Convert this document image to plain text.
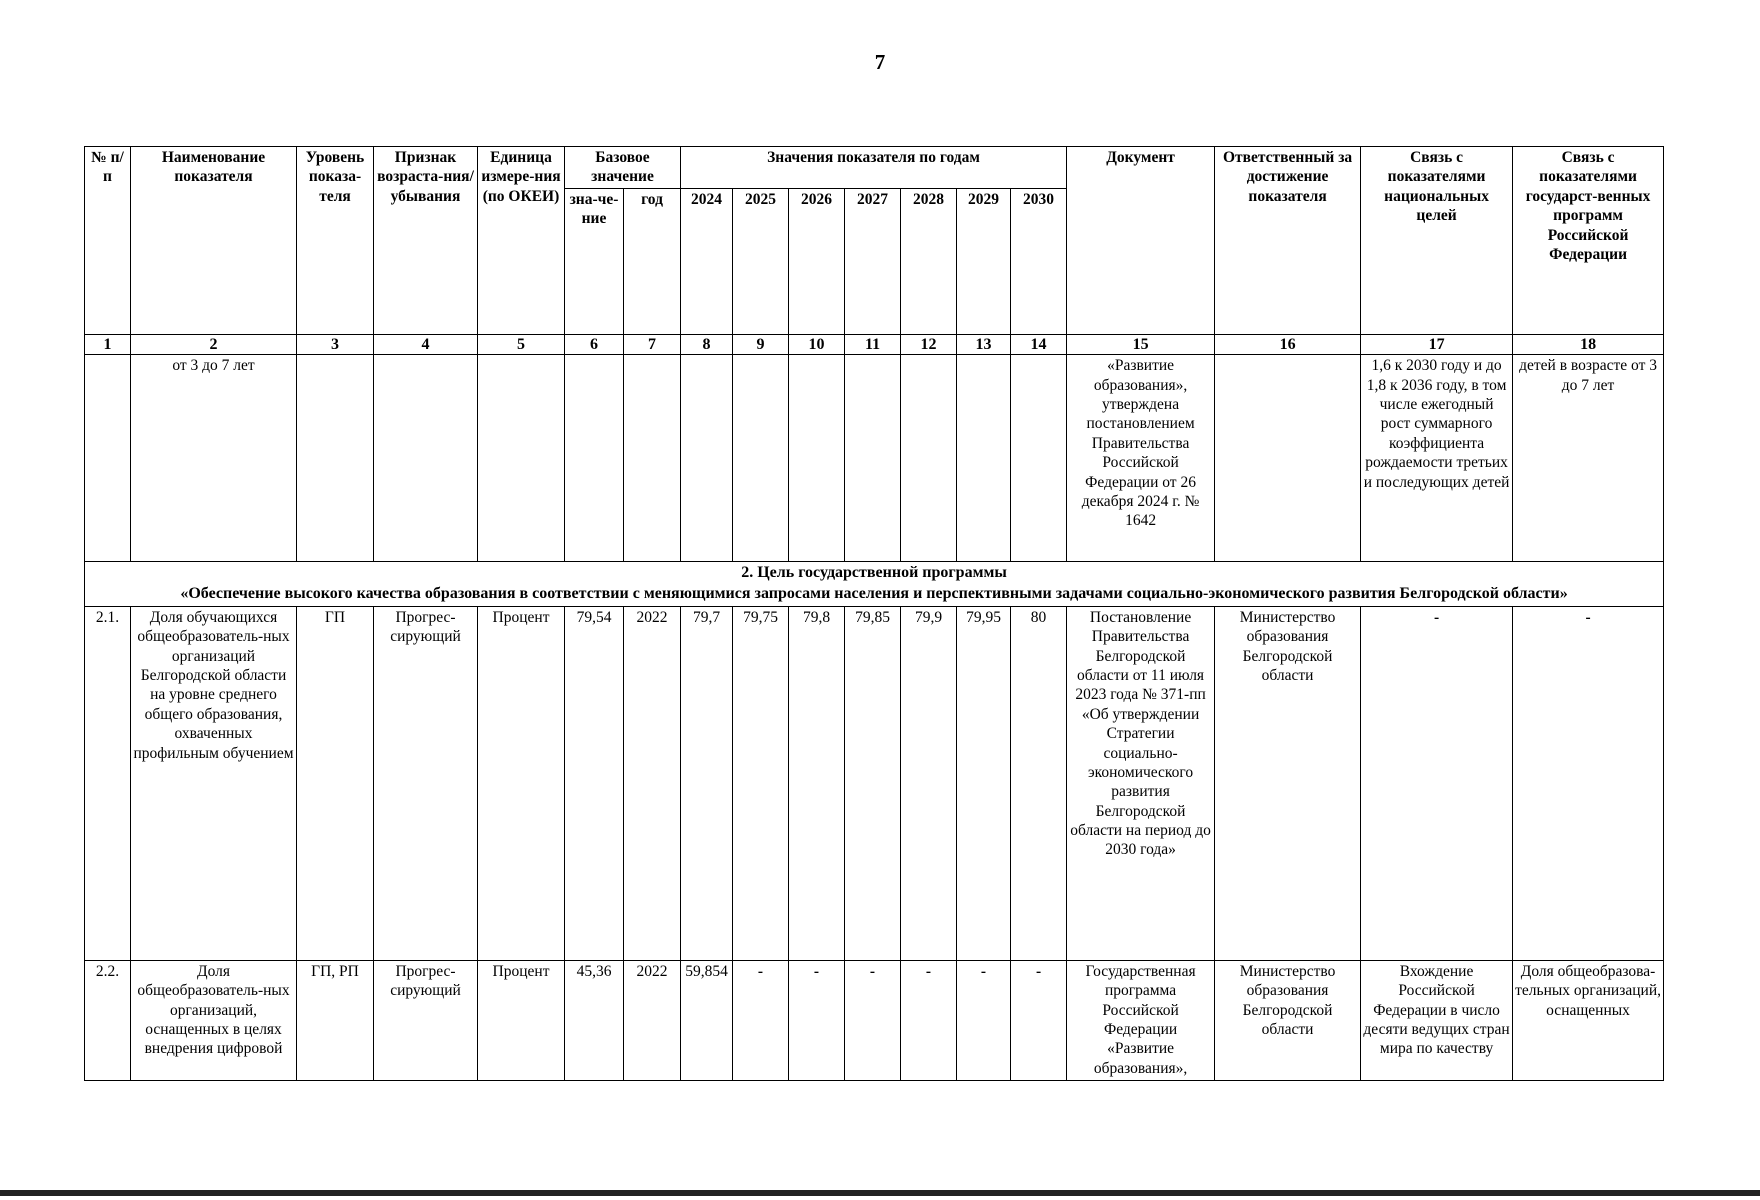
7
№ п/п	Наименование показателя	Уровень показа-теля	Признак возраста-ния/ убывания	Единица измере-ния (по ОКЕИ)	Базовое значение		Значения показателя по годам							Документ	Ответственный за достижение показателя	Связь с показателями национальных целей	Связь с показателями государст-венных программ Российской Федерации
					зна-че-ние	год	2024	2025	2026	2027	2028	2029	2030				
1	2	3	4	5	6	7	8	9	10	11	12	13	14	15	16	17	18
	от 3 до 7 лет													«Развитие образования», утверждена постановлением Правительства Российской Федерации от 26 декабря 2024 г. № 1642		1,6 к 2030 году и до 1,8 к 2036 году, в том числе ежегодный рост суммарного коэффициента рождаемости третьих и последующих детей	детей в возрасте от 3 до 7 лет

2. Цель государственной программы
«Обеспечение высокого качества образования в соответствии с меняющимися запросами населения и перспективными задачами социально-экономического развития Белгородской области»																	

2.1.	Доля обучающихся общеобразователь-ных организаций Белгородской области на уровне среднего общего образования, охваченных профильным обучением	ГП	Прогрес-сирующий	Процент	79,54	2022	79,7	79,75	79,8	79,85	79,9	79,95	80	Постановление Правительства Белгородской области от 11 июля 2023 года № 371-пп «Об утверждении Стратегии социально-экономического развития Белгородской области на период до 2030 года»	Министерство образования Белгородской области	-	-
2.2.	Доля общеобразователь-ных организаций, оснащенных в целях внедрения цифровой	ГП, РП	Прогрес-сирующий	Процент	45,36	2022	59,854	-	-	-	-	-	-	Государственная программа Российской Федерации «Развитие образования»,	Министерство образования Белгородской области	Вхождение Российской Федерации в число десяти ведущих стран мира по качеству	Доля общеобразова-тельных организаций, оснащенных
